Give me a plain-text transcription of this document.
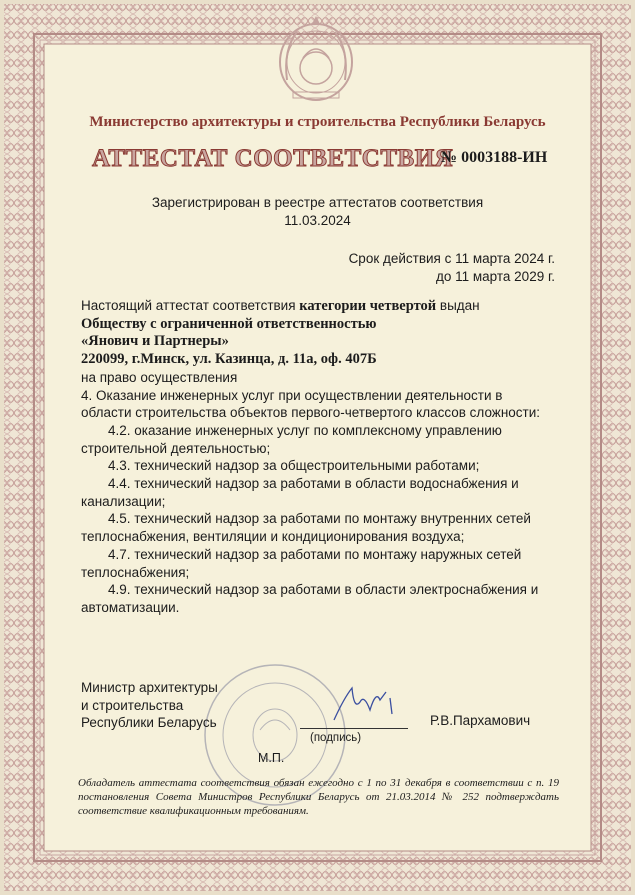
Министерство архитектуры и строительства Республики Беларусь
АТТЕСТАТ СООТВЕТСТВИЯ
№ 0003188-ИН
Зарегистрирован в реестре аттестатов соответствия
11.03.2024
Срок действия с 11 марта 2024 г.
до 11 марта 2029 г.
Настоящий аттестат соответствия категории четвертой выдан
Обществу с ограниченной ответственностью
«Янович и Партнеры»
220099, г.Минск, ул. Казинца, д. 11а, оф. 407Б
на право осуществления
4. Оказание инженерных услуг при осуществлении деятельности в области строительства объектов первого-четвертого классов сложности:
4.2. оказание инженерных услуг по комплексному управлению строительной деятельностью;
4.3. технический надзор за общестроительными работами;
4.4. технический надзор за работами в области водоснабжения и канализации;
4.5. технический надзор за работами по монтажу внутренних сетей теплоснабжения, вентиляции и кондиционирования воздуха;
4.7. технический надзор за работами по монтажу наружных сетей теплоснабжения;
4.9. технический надзор за работами в области электроснабжения и автоматизации.
Министр архитектуры
и строительства
Республики Беларусь
(подпись)
Р.В.Пархамович
М.П.
Обладатель аттестата соответствия обязан ежегодно с 1 по 31 декабря в соответствии с п. 19 постановления Совета Министров Республики Беларусь от 21.03.2014 № 252 подтверждать соответствие квалификационным требованиям.
